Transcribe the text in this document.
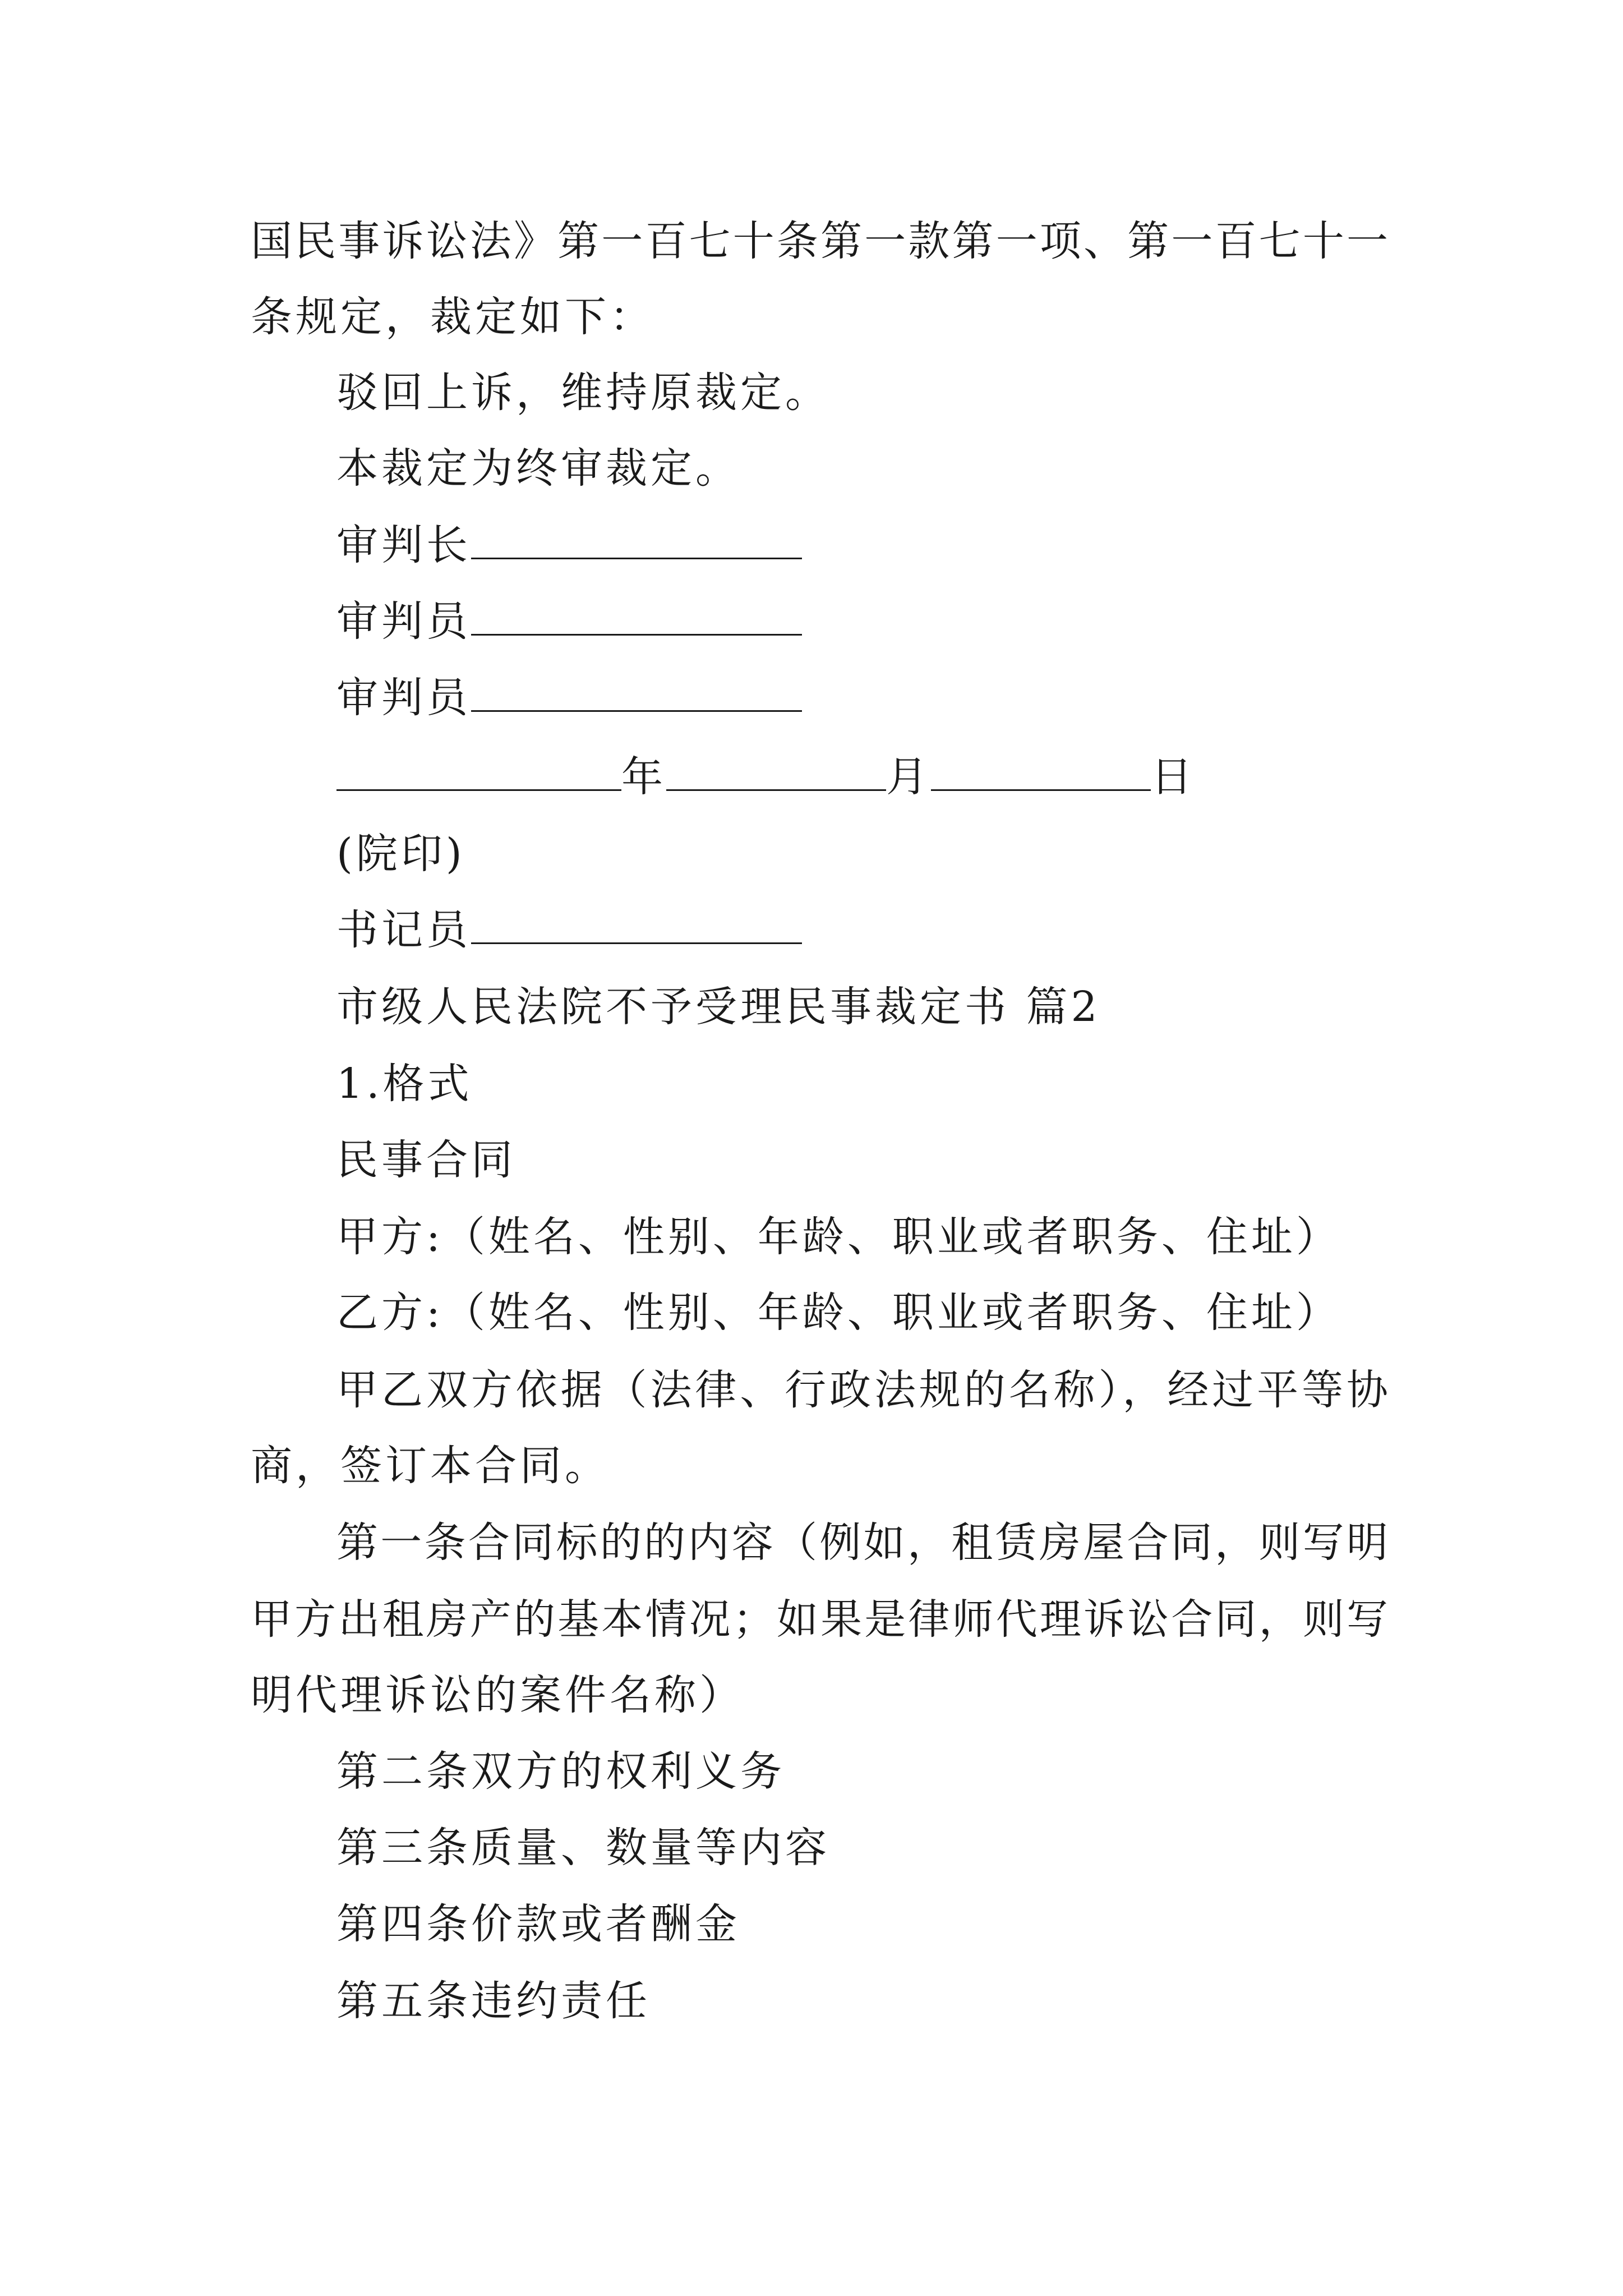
国民事诉讼法》第一百七十条第一款第一项、第一百七十一
条规定，裁定如下：
驳回上诉，维持原裁定。
本裁定为终审裁定。
审判长
审判员
审判员
年	月	日
(院印)
书记员
市级人民法院不予受理民事裁定书 篇2
1.格式
民事合同
甲方:（姓名、性别、年龄、职业或者职务、住址）
乙方:（姓名、性别、年龄、职业或者职务、住址）
甲乙双方依据（法律、行政法规的名称），经过平等协
商，签订本合同。
第一条合同标的的内容（例如，租赁房屋合同，则写明
甲方出租房产的基本情况；如果是律师代理诉讼合同，则写
明代理诉讼的案件名称）
第二条双方的权利义务
第三条质量、数量等内容
第四条价款或者酬金
第五条违约责任
